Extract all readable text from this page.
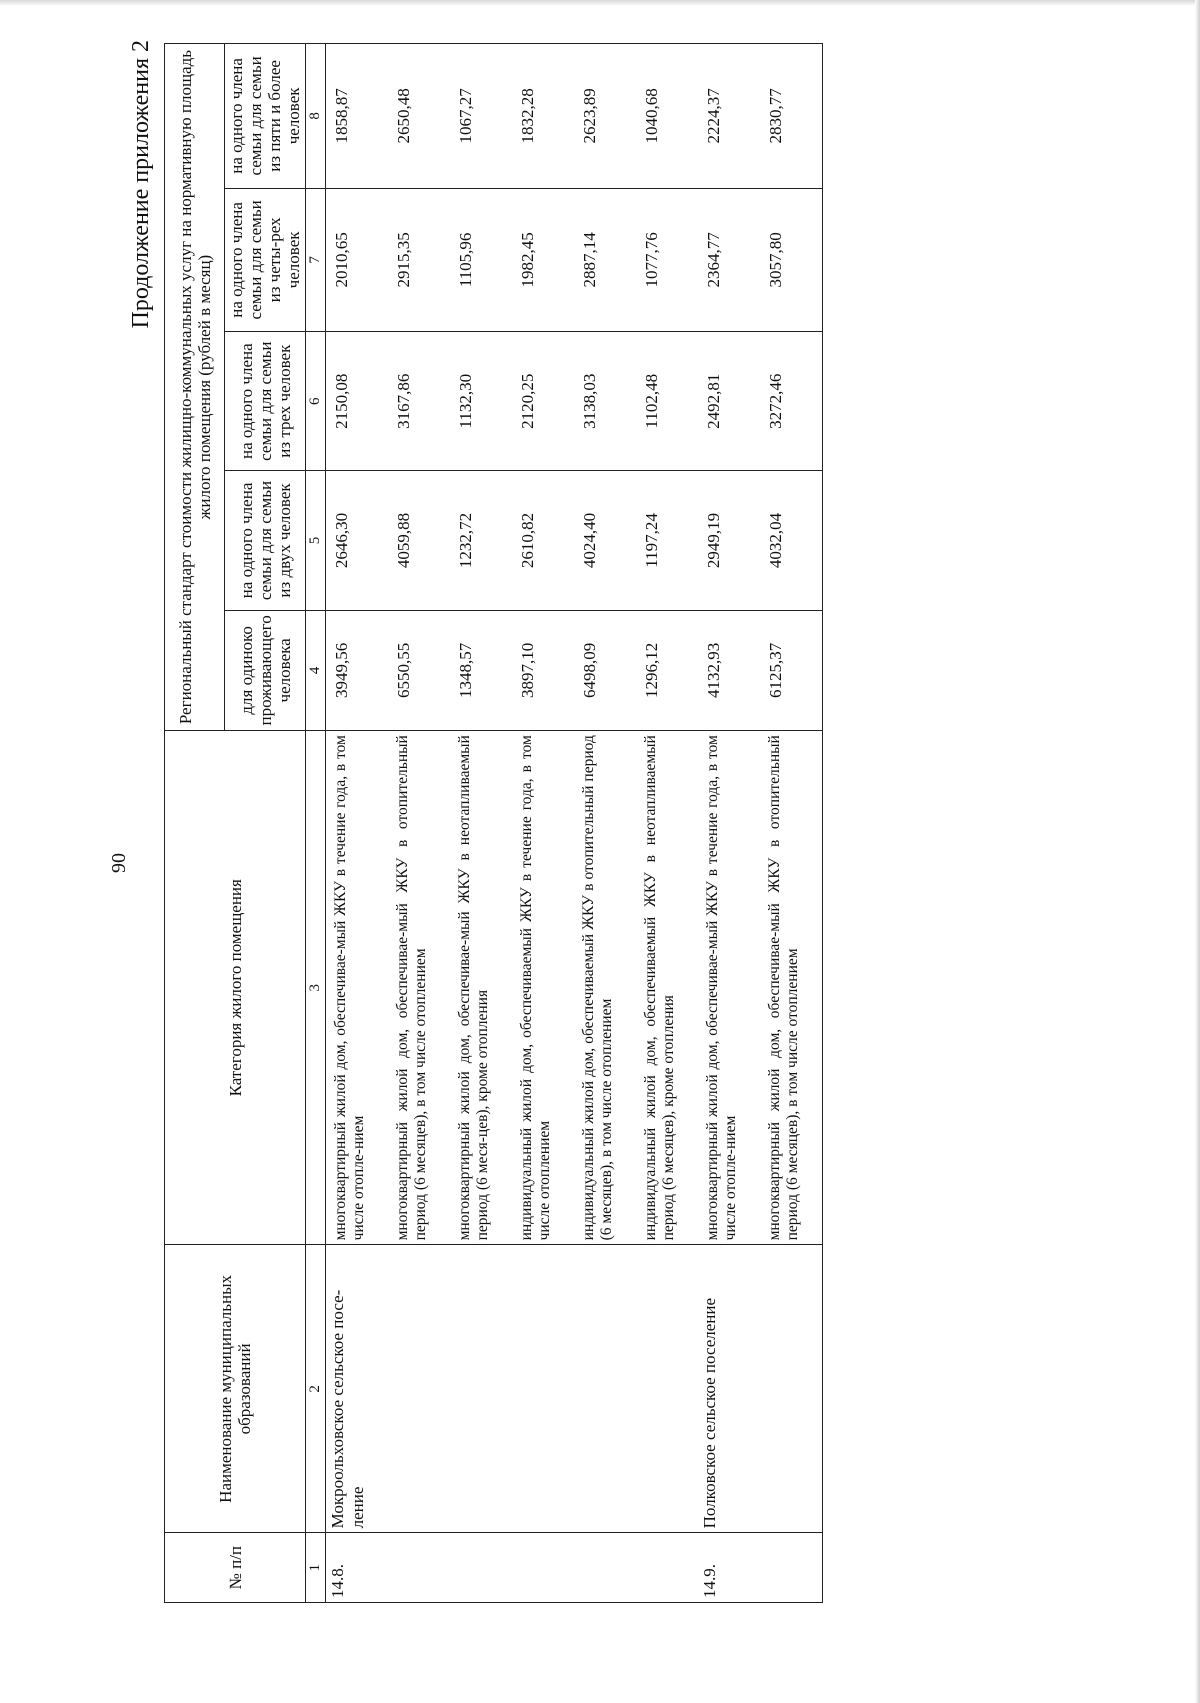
90
Продолжение приложения 2
№ п/п	Наименование муниципальных образований	Категория жилого помещения	Региональный стандарт стоимости жилищно-коммунальных услуг на нормативную площадь жилого помещения (рублей в месяц)				
			для одиноко проживающего человека	на одного члена семьи для семьи из двух человек	на одного члена семьи для семьи из трех человек	на одного члена семьи для семьи из четы-рех человек	на одного члена семьи для семьи из пяти и более человек
1	2	3	4	5	6	7	8
14.8.	Мокроольховское сельское посе-ление	многоквартирный жилой дом, обеспечивае-мый ЖКУ в течение года, в том числе отопле-нием	3949,56	2646,30	2150,08	2010,65	1858,87
		многоквартирный жилой дом, обеспечивае-мый ЖКУ в отопительный период (6 месяцев), в том числе отоплением	6550,55	4059,88	3167,86	2915,35	2650,48
		многоквартирный жилой дом, обеспечивае-мый ЖКУ в неотапливаемый период (6 меся-цев), кроме отопления	1348,57	1232,72	1132,30	1105,96	1067,27
		индивидуальный жилой дом, обеспечиваемый ЖКУ в течение года, в том числе отоплением	3897,10	2610,82	2120,25	1982,45	1832,28
		индивидуальный жилой дом, обеспечиваемый ЖКУ в отопительный период (6 месяцев), в том числе отоплением	6498,09	4024,40	3138,03	2887,14	2623,89
		индивидуальный жилой дом, обеспечиваемый ЖКУ в неотапливаемый период (6 месяцев), кроме отопления	1296,12	1197,24	1102,48	1077,76	1040,68
14.9.	Полковское сельское поселение	многоквартирный жилой дом, обеспечивае-мый ЖКУ в течение года, в том числе отопле-нием	4132,93	2949,19	2492,81	2364,77	2224,37
		многоквартирный жилой дом, обеспечивае-мый ЖКУ в отопительный период (6 месяцев), в том числе отоплением	6125,37	4032,04	3272,46	3057,80	2830,77
